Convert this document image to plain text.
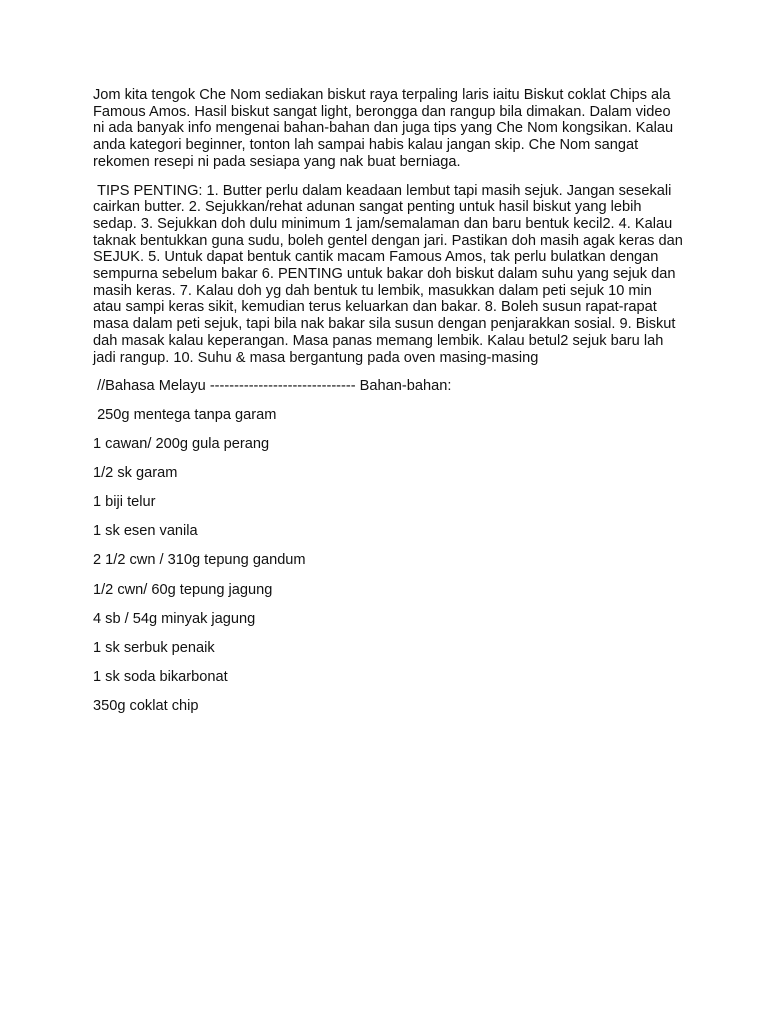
Jom kita tengok Che Nom sediakan biskut raya terpaling laris iaitu Biskut coklat Chips ala Famous Amos. Hasil biskut sangat light, berongga dan rangup bila dimakan. Dalam video ni ada banyak info mengenai bahan-bahan dan juga tips yang Che Nom kongsikan. Kalau anda kategori beginner, tonton lah sampai habis kalau jangan skip. Che Nom sangat rekomen resepi ni pada sesiapa yang nak buat berniaga.

TIPS PENTING: 1. Butter perlu dalam keadaan lembut tapi masih sejuk. Jangan sesekali cairkan butter. 2. Sejukkan/rehat adunan sangat penting untuk hasil biskut yang lebih sedap. 3. Sejukkan doh dulu minimum 1 jam/semalaman dan baru bentuk kecil2. 4. Kalau taknak bentukkan guna sudu, boleh gentel dengan jari. Pastikan doh masih agak keras dan SEJUK. 5. Untuk dapat bentuk cantik macam Famous Amos, tak perlu bulatkan dengan sempurna sebelum bakar 6. PENTING untuk bakar doh biskut dalam suhu yang sejuk dan masih keras. 7. Kalau doh yg dah bentuk tu lembik, masukkan dalam peti sejuk 10 min atau sampi keras sikit, kemudian terus keluarkan dan bakar. 8. Boleh susun rapat-rapat masa dalam peti sejuk, tapi bila nak bakar sila susun dengan penjarakkan sosial. 9. Biskut dah masak kalau keperangan. Masa panas memang lembik. Kalau betul2 sejuk baru lah jadi rangup. 10. Suhu & masa bergantung pada oven masing-masing

//Bahasa Melayu ------------------------------ Bahan-bahan:

250g mentega tanpa garam
1 cawan/ 200g gula perang
1/2 sk garam
1 biji telur
1 sk esen vanila
2 1/2 cwn / 310g tepung gandum
1/2 cwn/ 60g tepung jagung
4 sb / 54g minyak jagung
1 sk serbuk penaik
1 sk soda bikarbonat
350g coklat chip
